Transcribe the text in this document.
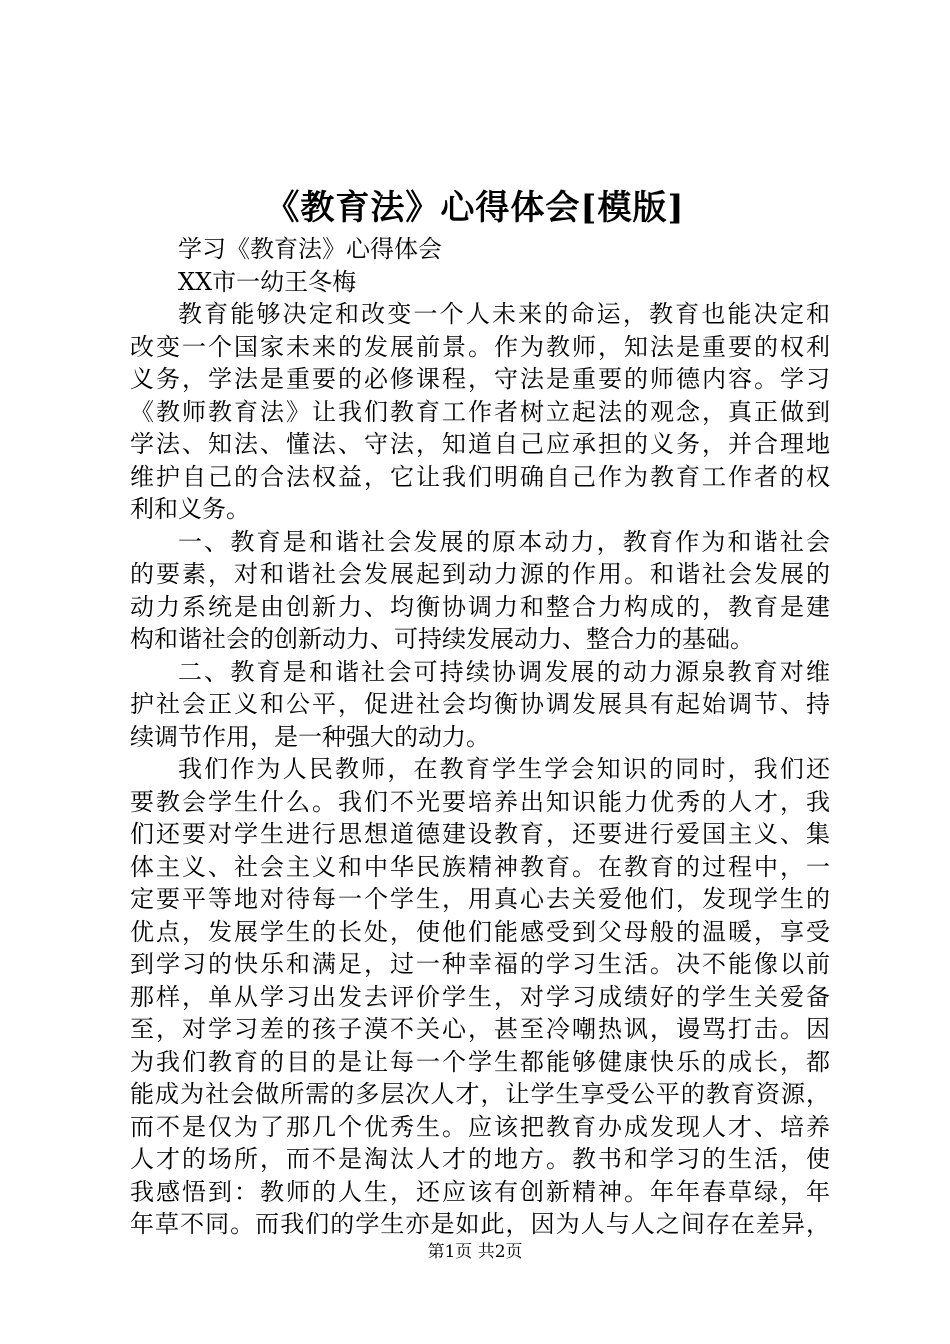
《教育法》心得体会[模版]
学习《教育法》心得体会
XX市一幼王冬梅
教育能够决定和改变一个人未来的命运，教育也能决定和
改变一个国家未来的发展前景。作为教师，知法是重要的权利
义务，学法是重要的必修课程，守法是重要的师德内容。学习
《教师教育法》让我们教育工作者树立起法的观念，真正做到
学法、知法、懂法、守法，知道自己应承担的义务，并合理地
维护自己的合法权益，它让我们明确自己作为教育工作者的权
利和义务。
一、教育是和谐社会发展的原本动力，教育作为和谐社会
的要素，对和谐社会发展起到动力源的作用。和谐社会发展的
动力系统是由创新力、均衡协调力和整合力构成的，教育是建
构和谐社会的创新动力、可持续发展动力、整合力的基础。
二、教育是和谐社会可持续协调发展的动力源泉教育对维
护社会正义和公平，促进社会均衡协调发展具有起始调节、持
续调节作用，是一种强大的动力。
我们作为人民教师，在教育学生学会知识的同时，我们还
要教会学生什么。我们不光要培养出知识能力优秀的人才，我
们还要对学生进行思想道德建设教育，还要进行爱国主义、集
体主义、社会主义和中华民族精神教育。在教育的过程中，一
定要平等地对待每一个学生，用真心去关爱他们，发现学生的
优点，发展学生的长处，使他们能感受到父母般的温暖，享受
到学习的快乐和满足，过一种幸福的学习生活。决不能像以前
那样，单从学习出发去评价学生，对学习成绩好的学生关爱备
至，对学习差的孩子漠不关心，甚至冷嘲热讽，谩骂打击。因
为我们教育的目的是让每一个学生都能够健康快乐的成长，都
能成为社会做所需的多层次人才，让学生享受公平的教育资源，
而不是仅为了那几个优秀生。应该把教育办成发现人才、培养
人才的场所，而不是淘汰人才的地方。教书和学习的生活，使
我感悟到：教师的人生，还应该有创新精神。年年春草绿，年
年草不同。而我们的学生亦是如此，因为人与人之间存在差异，
第1页 共2页
